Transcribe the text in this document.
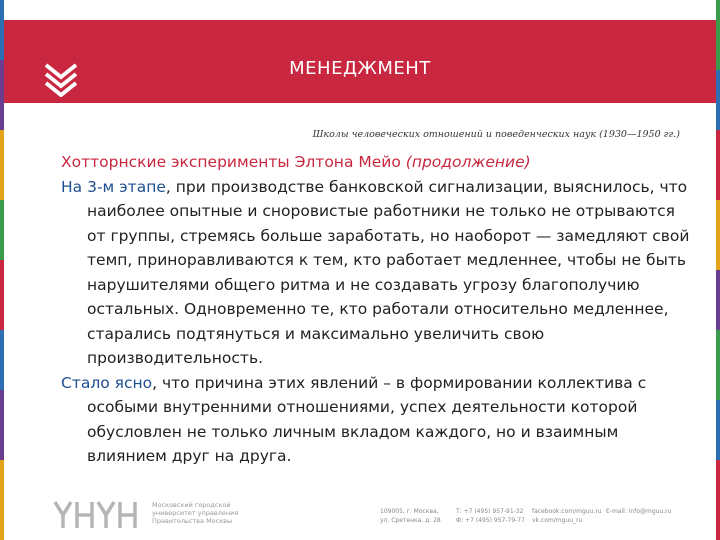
МЕНЕДЖМЕНТ
Школы человеческих отношений и поведенческих наук (1930—1950 гг.)
Хоттoрнские эксперименты Элтона Мейо (продолжение)

На 3-м этапе, при производстве банковской сигнализации, выяснилось, что наиболее опытные и сноровистые работники не только не отрываются от группы, стремясь больше заработать, но наоборот — замедляют свой темп, приноравливаются к тем, кто работает медленнее, чтобы не быть нарушителями общего ритма и не создавать угрозу благополучию остальных. Одновременно те, кто работали относительно медленнее, старались подтянуться и максимально увеличить свою производительность.

Стало ясно, что причина этих явлений – в формировании коллектива с особыми внутренними отношениями, успех деятельности которой обусловлен не только личным вкладом каждого, но и взаимным влиянием друг на друга.

Московский городской университет управления Правительства Москвы
109005, г. Москва,
ул. Сретенка, д. 28
Т: +7 (495) 957-91-32
Ф: +7 (495) 957-79-77
facebook.com/mguu.ru
vk.com/mguu_ru
E-mail: info@mguu.ru
